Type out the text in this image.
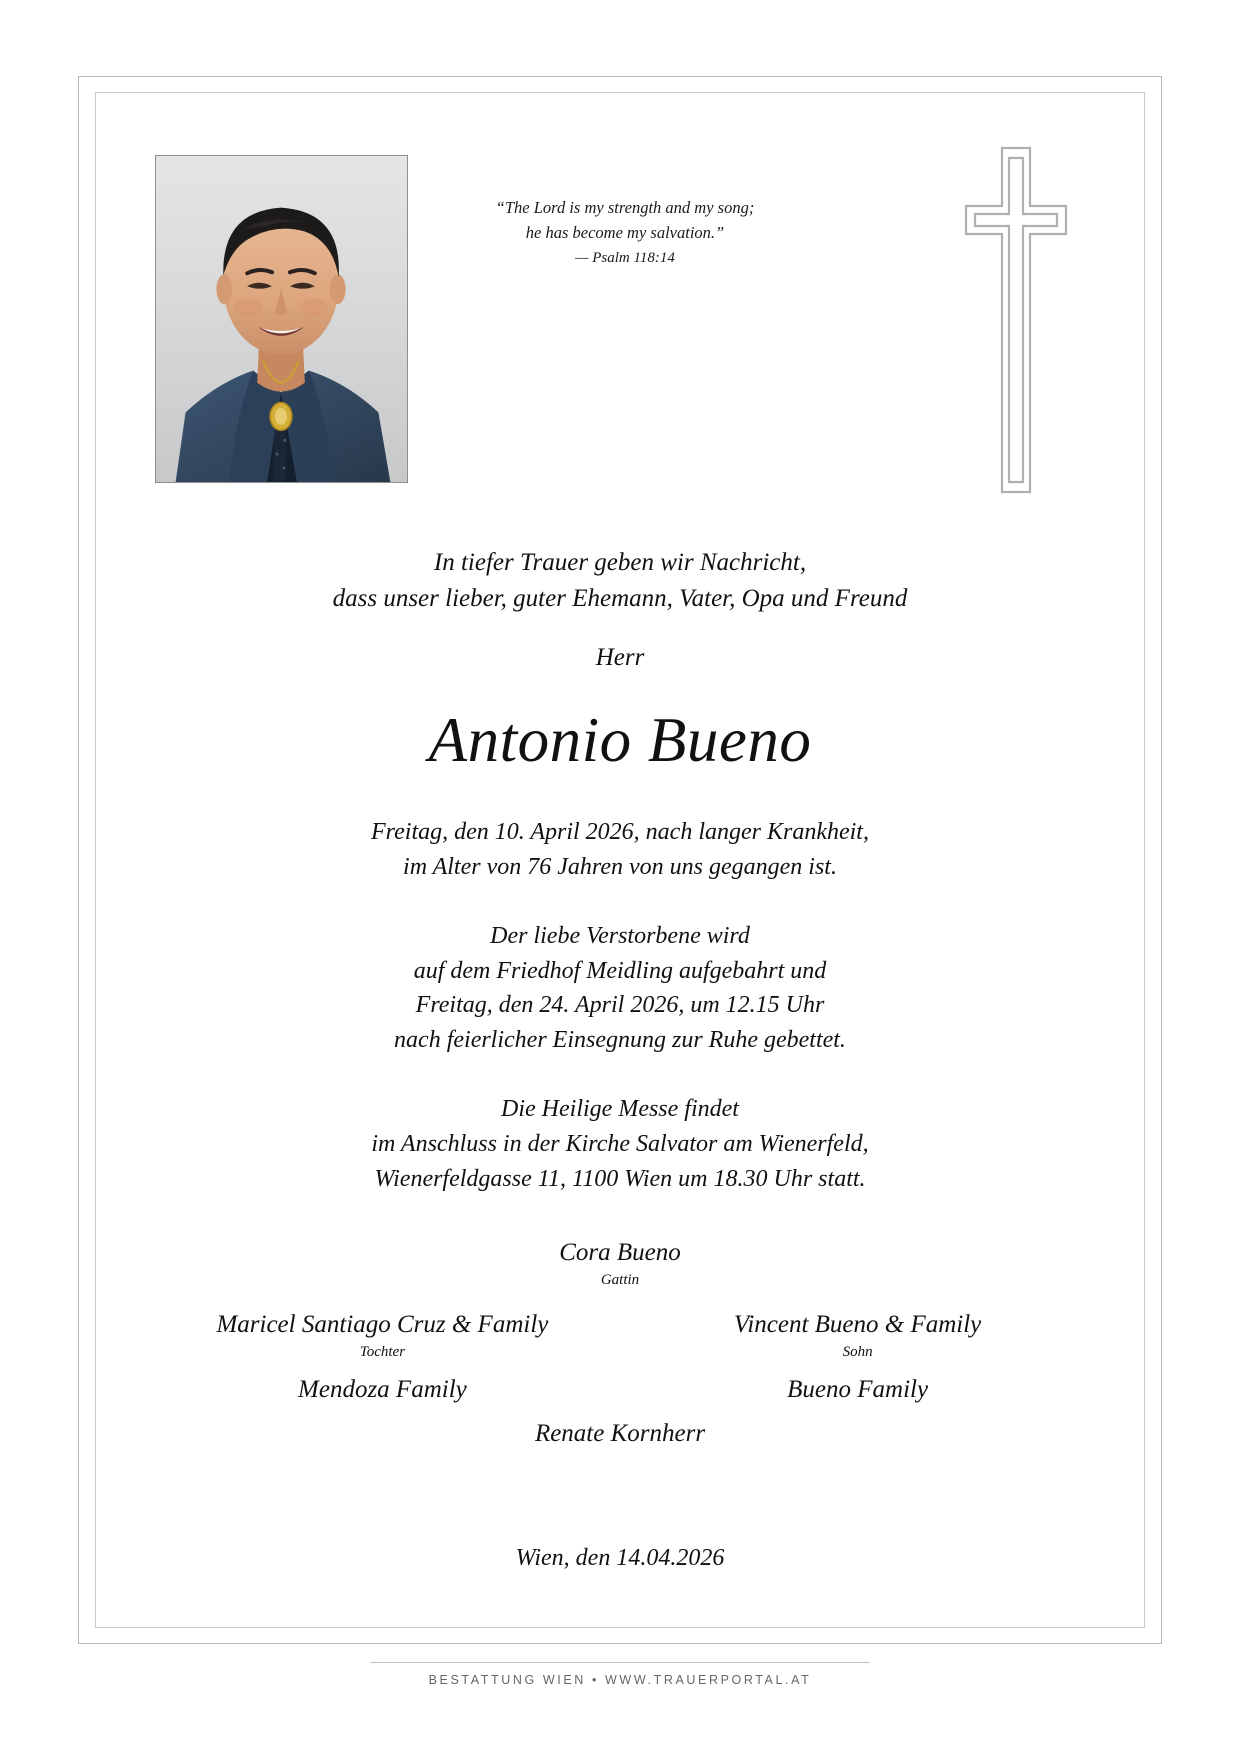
“The Lord is my strength and my song;
he has become my salvation.”
— Psalm 118:14

In tiefer Trauer geben wir Nachricht,
dass unser lieber, guter Ehemann, Vater, Opa und Freund

Herr

Antonio Bueno

Freitag, den 10. April 2026, nach langer Krankheit,
im Alter von 76 Jahren von uns gegangen ist.

Der liebe Verstorbene wird
auf dem Friedhof Meidling aufgebahrt und
Freitag, den 24. April 2026, um 12.15 Uhr
nach feierlicher Einsegnung zur Ruhe gebettet.

Die Heilige Messe findet
im Anschluss in der Kirche Salvator am Wienerfeld,
Wienerfeldgasse 11, 1100 Wien um 18.30 Uhr statt.

Cora Bueno
Gattin
Maricel Santiago Cruz & Family
Tochter
Vincent Bueno & Family
Sohn
Mendoza Family	Bueno Family
Renate Kornherr
Wien, den 14.04.2026
BESTATTUNG WIEN • WWW.TRAUERPORTAL.AT
